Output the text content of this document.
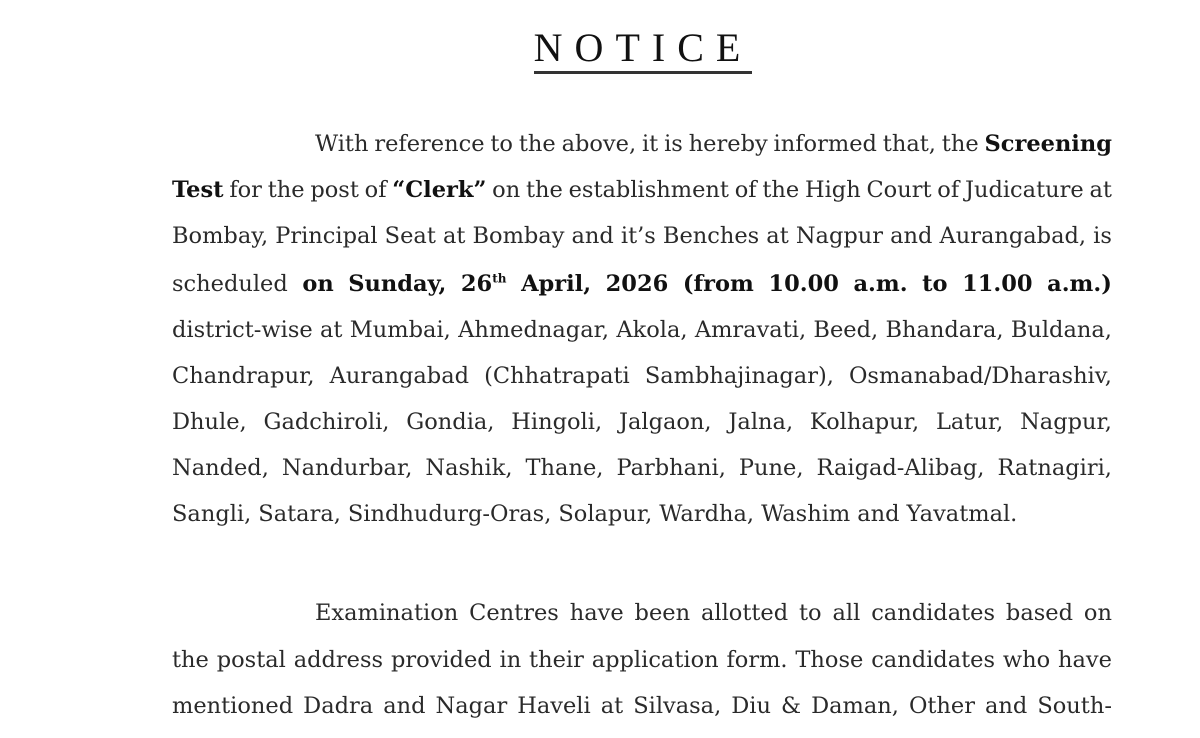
NOTICE
With reference to the above, it is hereby informed that, the Screening
Test for the post of “Clerk” on the establishment of the High Court of Judicature at
Bombay, Principal Seat at Bombay and it’s Benches at Nagpur and Aurangabad, is
scheduled on Sunday, 26th April, 2026 (from 10.00 a.m. to 11.00 a.m.)
district-wise at Mumbai, Ahmednagar, Akola, Amravati, Beed, Bhandara, Buldana,
Chandrapur, Aurangabad (Chhatrapati Sambhajinagar), Osmanabad/Dharashiv,
Dhule, Gadchiroli, Gondia, Hingoli, Jalgaon, Jalna, Kolhapur, Latur, Nagpur,
Nanded, Nandurbar, Nashik, Thane, Parbhani, Pune, Raigad-Alibag, Ratnagiri,
Sangli, Satara, Sindhudurg-Oras, Solapur, Wardha, Washim and Yavatmal.
Examination Centres have been allotted to all candidates based on
the postal address provided in their application form. Those candidates who have
mentioned Dadra and Nagar Haveli at Silvasa, Diu & Daman, Other and South-
